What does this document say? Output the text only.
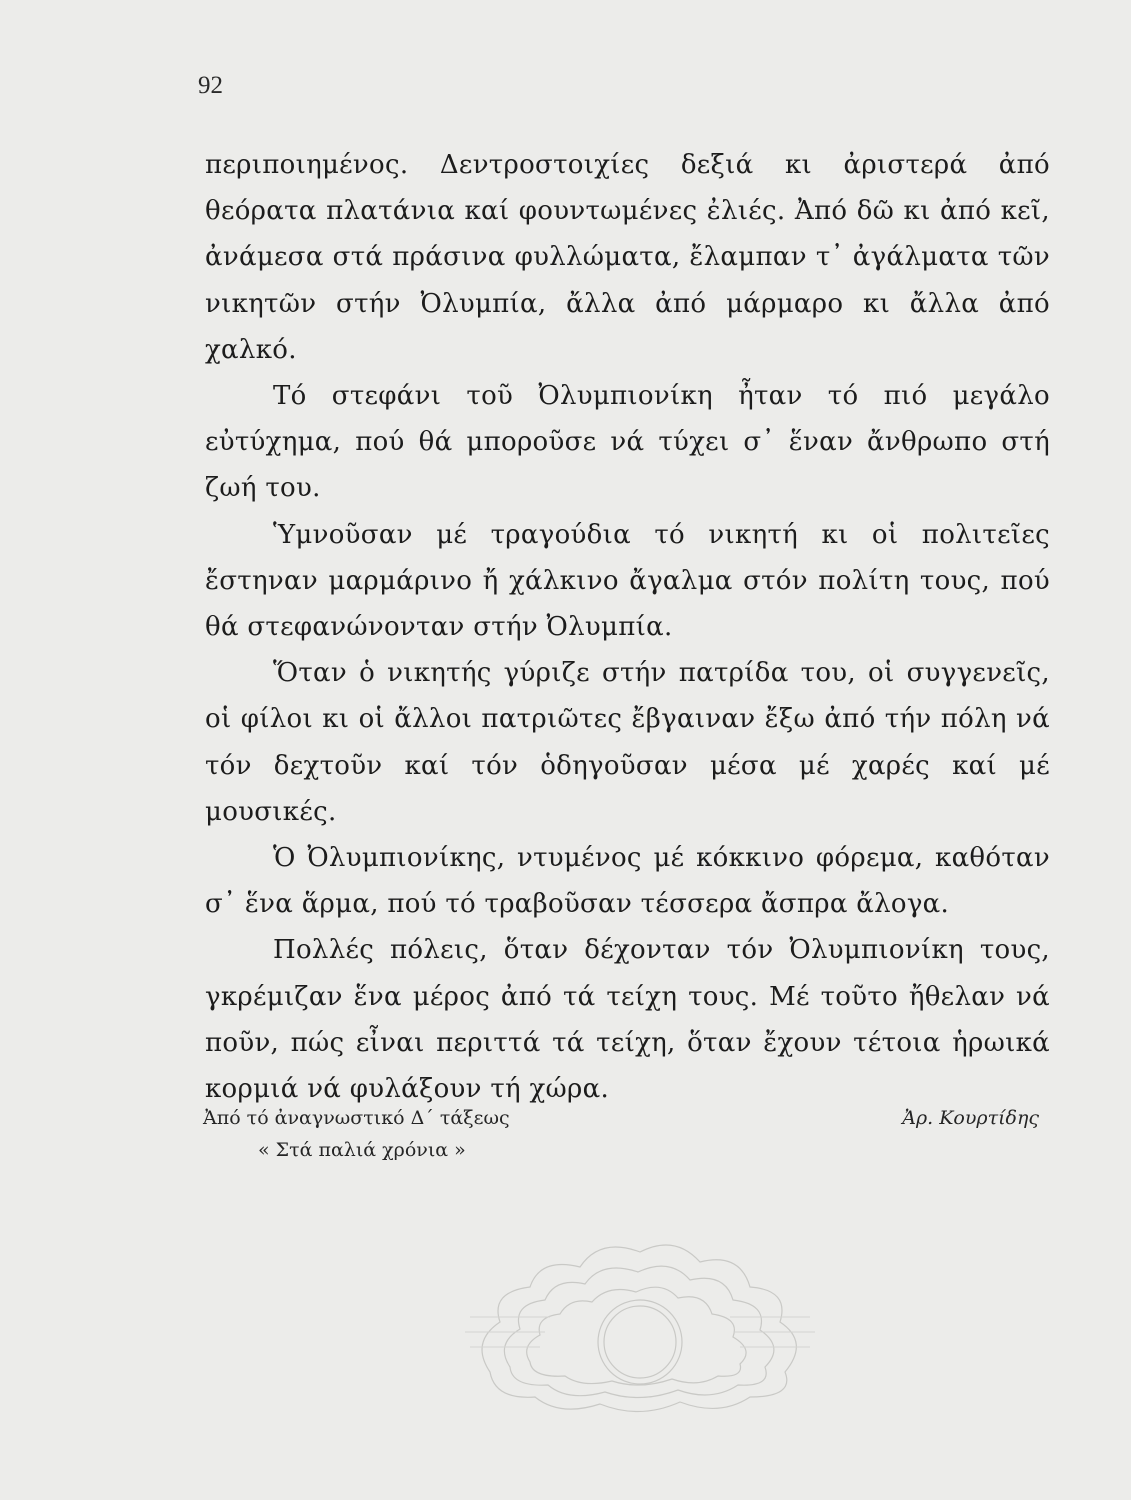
92

περιποιημένος. Δεντροστοιχίες δεξιά κι ἀριστερά ἀπό θεόρατα πλατάνια καί φουντωμένες ἐλιές. Ἀπό δῶ κι ἀπό κεῖ, ἀνάμεσα στά πράσινα φυλλώματα, ἔλαμπαν τ᾽ ἀγάλματα τῶν νικητῶν στήν Ὀλυμπία, ἄλλα ἀπό μάρμαρο κι ἄλλα ἀπό χαλκό.

Τό στεφάνι τοῦ Ὀλυμπιονίκη ἦταν τό πιό μεγάλο εὐτύχημα, πού θά μποροῦσε νά τύχει σ᾽ ἕναν ἄνθρωπο στή ζωή του.

Ὑμνοῦσαν μέ τραγούδια τό νικητή κι οἱ πολιτεῖες ἔστηναν μαρμάρινο ἤ χάλκινο ἄγαλμα στόν πολίτη τους, πού θά στεφανώνονταν στήν Ὀλυμπία.

Ὅταν ὁ νικητής γύριζε στήν πατρίδα του, οἱ συγγενεῖς, οἱ φίλοι κι οἱ ἄλλοι πατριῶτες ἔβγαιναν ἔξω ἀπό τήν πόλη νά τόν δεχτοῦν καί τόν ὁδηγοῦσαν μέσα μέ χαρές καί μέ μουσικές.

Ὁ Ὀλυμπιονίκης, ντυμένος μέ κόκκινο φόρεμα, καθόταν σ᾽ ἕνα ἅρμα, πού τό τραβοῦσαν τέσσερα ἄσπρα ἄλογα.

Πολλές πόλεις, ὅταν δέχονταν τόν Ὀλυμπιονίκη τους, γκρέμιζαν ἕνα μέρος ἀπό τά τείχη τους. Μέ τοῦτο ἤθελαν νά ποῦν, πώς εἶναι περιττά τά τείχη, ὅταν ἔχουν τέτοια ἡρωικά κορμιά νά φυλάξουν τή χώρα.

Ἀπό τό ἀναγνωστικό Δ΄ τάξεως
« Στά παλιά χρόνια »
Ἀρ. Κουρτίδης
